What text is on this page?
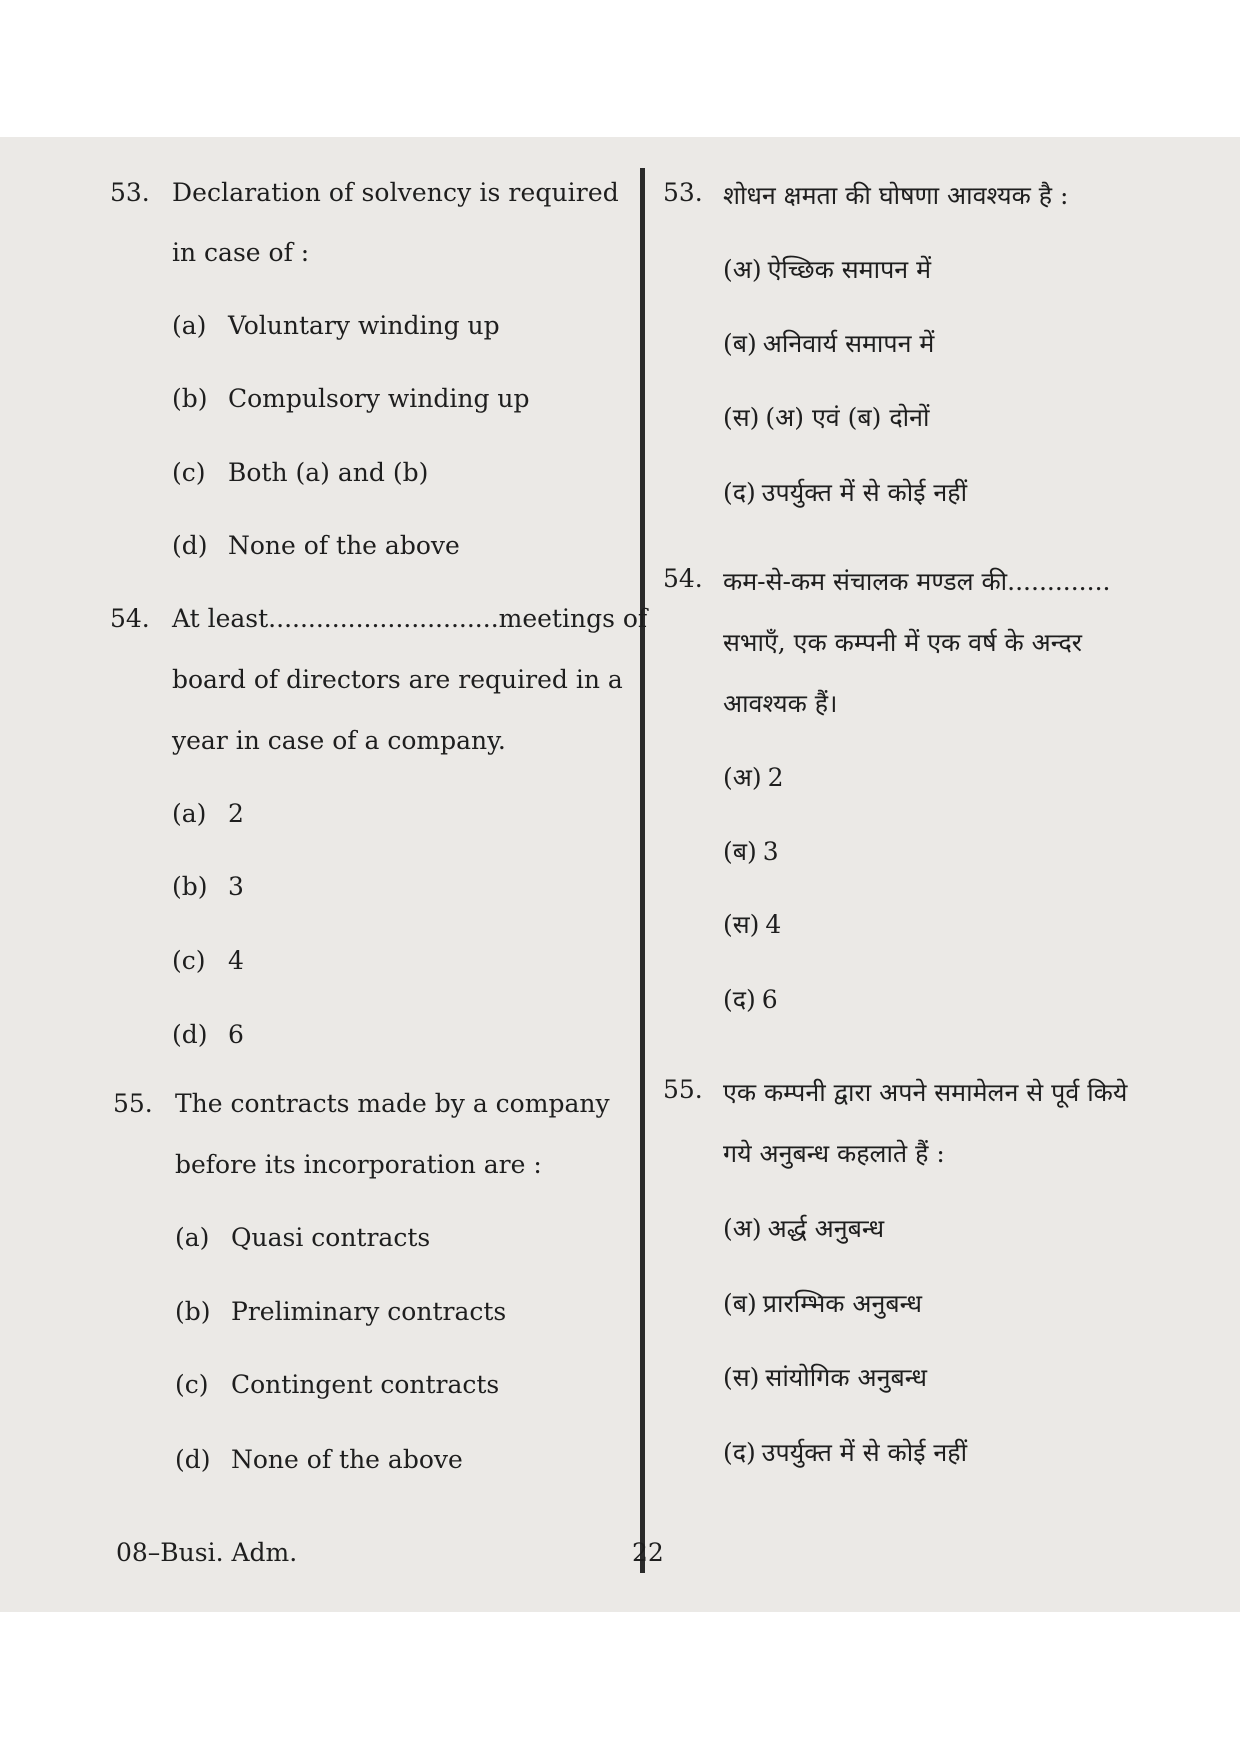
53. Declaration of solvency is required
in case of :
(a) Voluntary winding up
(b) Compulsory winding up
(c) Both (a) and (b)
(d) None of the above
54. At least.............................meetings of
board of directors are required in a
year in case of a company.
(a) 2
(b) 3
(c) 4
(d) 6
55. The contracts made by a company
before its incorporation are :
(a) Quasi contracts
(b) Preliminary contracts
(c) Contingent contracts
(d) None of the above
53. शोधन क्षमता की घोषणा आवश्यक है :
(अ) ऐच्छिक समापन में
(ब) अनिवार्य समापन में
(स) (अ) एवं (ब) दोनों
(द) उपर्युक्त में से कोई नहीं
54. कम-से-कम संचालक मण्डल की.............
सभाएँ, एक कम्पनी में एक वर्ष के अन्दर
आवश्यक हैं।
(अ) 2
(ब) 3
(स) 4
(द) 6
55. एक कम्पनी द्वारा अपने समामेलन से पूर्व किये
गये अनुबन्ध कहलाते हैं :
(अ) अर्द्ध अनुबन्ध
(ब) प्रारम्भिक अनुबन्ध
(स) सांयोगिक अनुबन्ध
(द) उपर्युक्त में से कोई नहीं
08–Busi. Adm.	22
